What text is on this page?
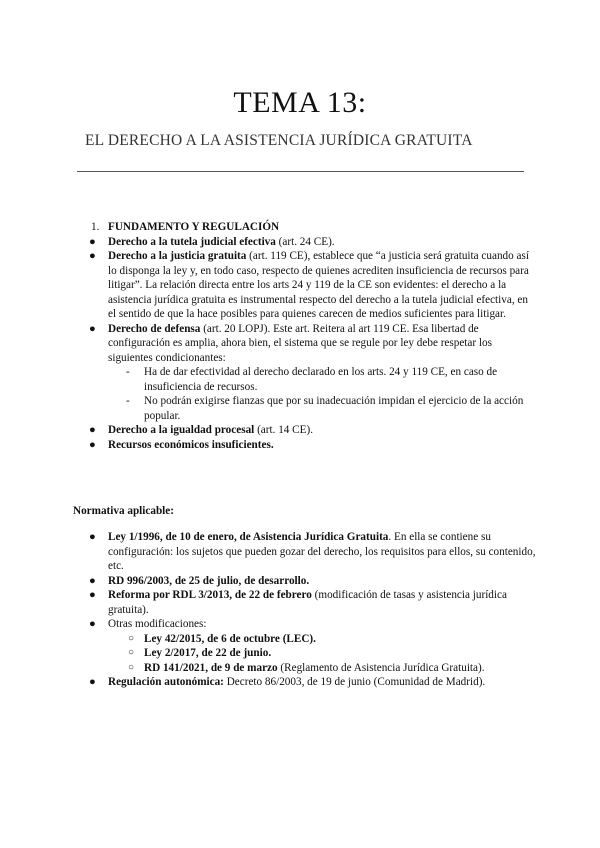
TEMA 13:
EL DERECHO A LA ASISTENCIA JURÍDICA GRATUITA
1. FUNDAMENTO Y REGULACIÓN
● Derecho a la tutela judicial efectiva (art. 24 CE).
● Derecho a la justicia gratuita (art. 119 CE), establece que “a justicia será gratuita cuando así lo disponga la ley y, en todo caso, respecto de quienes acrediten insuficiencia de recursos para litigar”. La relación directa entre los arts 24 y 119 de la CE son evidentes: el derecho a la asistencia jurídica gratuita es instrumental respecto del derecho a la tutela judicial efectiva, en el sentido de que la hace posibles para quienes carecen de medios suficientes para litigar.
● Derecho de defensa (art. 20 LOPJ). Este art. Reitera al art 119 CE. Esa libertad de configuración es amplia, ahora bien, el sistema que se regule por ley debe respetar los siguientes condicionantes:
- Ha de dar efectividad al derecho declarado en los arts. 24 y 119 CE, en caso de insuficiencia de recursos.
- No podrán exigirse fianzas que por su inadecuación impidan el ejercicio de la acción popular.
● Derecho a la igualdad procesal (art. 14 CE).
● Recursos económicos insuficientes.
Normativa aplicable:
● Ley 1/1996, de 10 de enero, de Asistencia Jurídica Gratuita. En ella se contiene su configuración: los sujetos que pueden gozar del derecho, los requisitos para ellos, su contenido, etc.
● RD 996/2003, de 25 de julio, de desarrollo.
● Reforma por RDL 3/2013, de 22 de febrero (modificación de tasas y asistencia jurídica gratuita).
● Otras modificaciones:
○ Ley 42/2015, de 6 de octubre (LEC).
○ Ley 2/2017, de 22 de junio.
○ RD 141/2021, de 9 de marzo (Reglamento de Asistencia Jurídica Gratuita).
● Regulación autonómica: Decreto 86/2003, de 19 de junio (Comunidad de Madrid).
